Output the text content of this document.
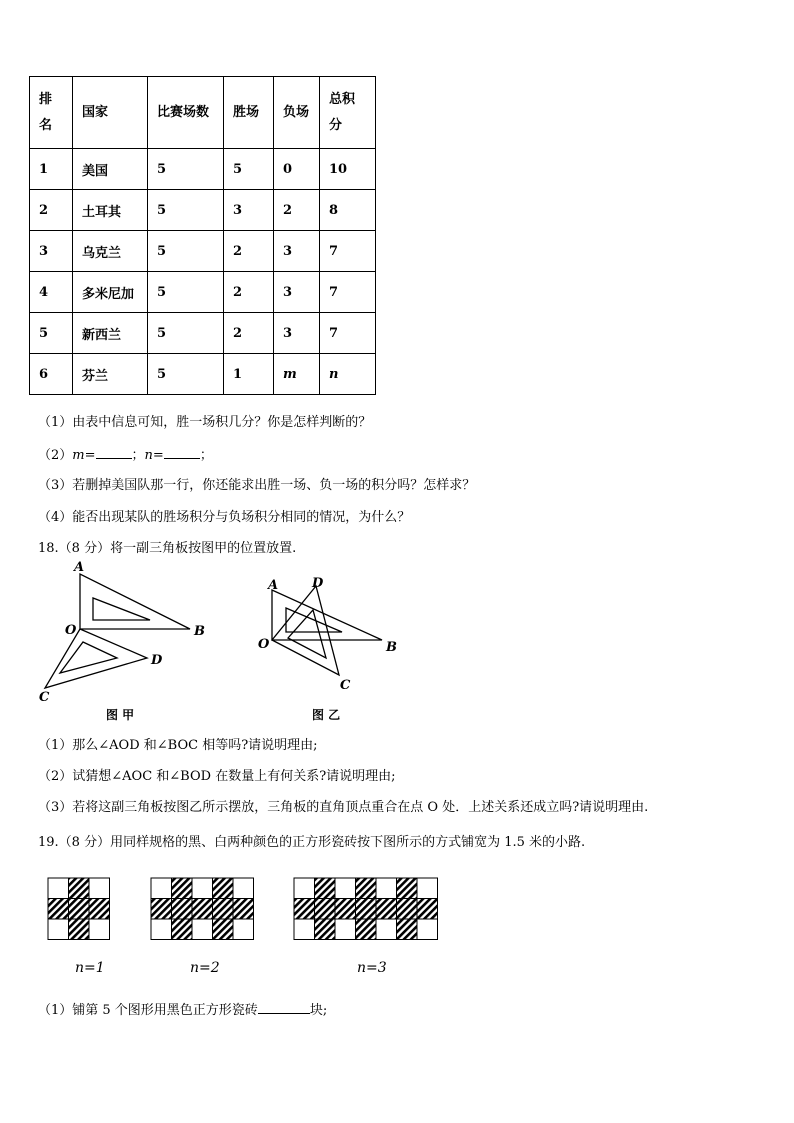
排
名	国家	比赛场数	胜场	负场	总积
分
1	美国	5	5	0	10
2	土耳其	5	3	2	8
3	乌克兰	5	2	3	7
4	多米尼加	5	2	3	7
5	新西兰	5	2	3	7
6	芬兰	5	1	m	n
（1）由表中信息可知，胜一场积几分？你是怎样判断的？
（2）m=	；n=	；
（3）若删掉美国队那一行，你还能求出胜一场、负一场的积分吗？怎样求？
（4）能否出现某队的胜场积分与负场积分相同的情况，为什么？
18.（8 分）将一副三角板按图甲的位置放置.
A
O	B
D
C
图 甲
A	D
O	B
C
图 乙
（1）那么∠AOD 和∠BOC 相等吗?请说明理由;
（2）试猜想∠AOC 和∠BOD 在数量上有何关系?请说明理由;
（3）若将这副三角板按图乙所示摆放，三角板的直角顶点重合在点 O 处．上述关系还成立吗?请说明理由.
19.（8 分）用同样规格的黑、白两种颜色的正方形瓷砖按下图所示的方式铺宽为 1.5 米的小路.
n=1	n=2	n=3
（1）铺第 5 个图形用黑色正方形瓷砖	块;
